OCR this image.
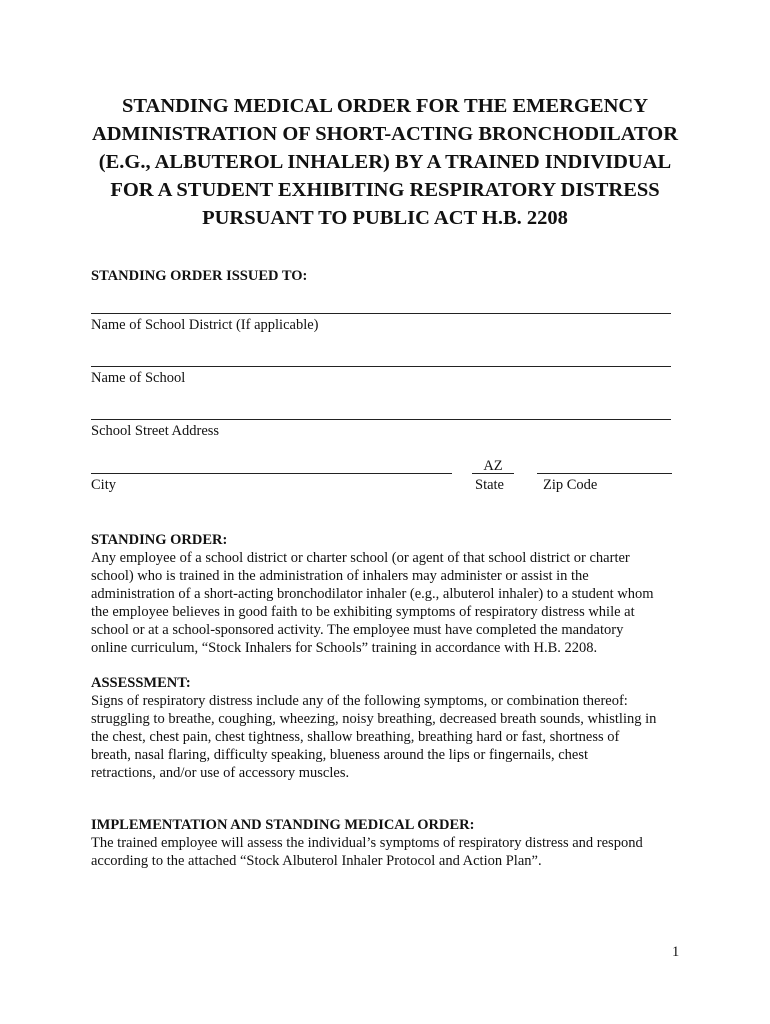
STANDING MEDICAL ORDER FOR THE EMERGENCY
ADMINISTRATION OF SHORT-ACTING BRONCHODILATOR
(E.G., ALBUTEROL INHALER) BY A TRAINED INDIVIDUAL
FOR A STUDENT EXHIBITING RESPIRATORY DISTRESS
PURSUANT TO PUBLIC ACT H.B. 2208

STANDING ORDER ISSUED TO:

Name of School District (If applicable)

Name of School

School Street Address

City

AZ

State	Zip Code

STANDING ORDER:

Any employee of a school district or charter school (or agent of that school district or charter
school) who is trained in the administration of inhalers may administer or assist in the
administration of a short-acting bronchodilator inhaler (e.g., albuterol inhaler) to a student whom
the employee believes in good faith to be exhibiting symptoms of respiratory distress while at
school or at a school-sponsored activity. The employee must have completed the mandatory
online curriculum, “Stock Inhalers for Schools” training in accordance with H.B. 2208.

ASSESSMENT:

Signs of respiratory distress include any of the following symptoms, or combination thereof:
struggling to breathe, coughing, wheezing, noisy breathing, decreased breath sounds, whistling in
the chest, chest pain, chest tightness, shallow breathing, breathing hard or fast, shortness of
breath, nasal flaring, difficulty speaking, blueness around the lips or fingernails, chest
retractions, and/or use of accessory muscles.

IMPLEMENTATION AND STANDING MEDICAL ORDER:

The trained employee will assess the individual’s symptoms of respiratory distress and respond
according to the attached “Stock Albuterol Inhaler Protocol and Action Plan”.

1
